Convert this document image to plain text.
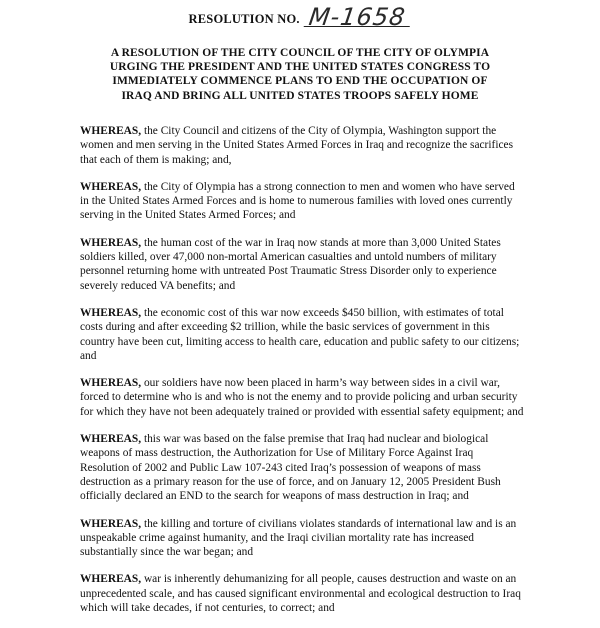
RESOLUTION NO. M-1658
A RESOLUTION OF THE CITY COUNCIL OF THE CITY OF OLYMPIA
URGING THE PRESIDENT AND THE UNITED STATES CONGRESS TO
IMMEDIATELY COMMENCE PLANS TO END THE OCCUPATION OF
IRAQ AND BRING ALL UNITED STATES TROOPS SAFELY HOME

WHEREAS, the City Council and citizens of the City of Olympia, Washington support the
women and men serving in the United States Armed Forces in Iraq and recognize the sacrifices
that each of them is making; and,

WHEREAS, the City of Olympia has a strong connection to men and women who have served
in the United States Armed Forces and is home to numerous families with loved ones currently
serving in the United States Armed Forces; and

WHEREAS, the human cost of the war in Iraq now stands at more than 3,000 United States
soldiers killed, over 47,000 non-mortal American casualties and untold numbers of military
personnel returning home with untreated Post Traumatic Stress Disorder only to experience
severely reduced VA benefits; and

WHEREAS, the economic cost of this war now exceeds $450 billion, with estimates of total
costs during and after exceeding $2 trillion, while the basic services of government in this
country have been cut, limiting access to health care, education and public safety to our citizens;
and

WHEREAS, our soldiers have now been placed in harm’s way between sides in a civil war,
forced to determine who is and who is not the enemy and to provide policing and urban security
for which they have not been adequately trained or provided with essential safety equipment; and

WHEREAS, this war was based on the false premise that Iraq had nuclear and biological
weapons of mass destruction, the Authorization for Use of Military Force Against Iraq
Resolution of 2002 and Public Law 107-243 cited Iraq’s possession of weapons of mass
destruction as a primary reason for the use of force, and on January 12, 2005 President Bush
officially declared an END to the search for weapons of mass destruction in Iraq; and

WHEREAS, the killing and torture of civilians violates standards of international law and is an
unspeakable crime against humanity, and the Iraqi civilian mortality rate has increased
substantially since the war began; and

WHEREAS, war is inherently dehumanizing for all people, causes destruction and waste on an
unprecedented scale, and has caused significant environmental and ecological destruction to Iraq
which will take decades, if not centuries, to correct; and
